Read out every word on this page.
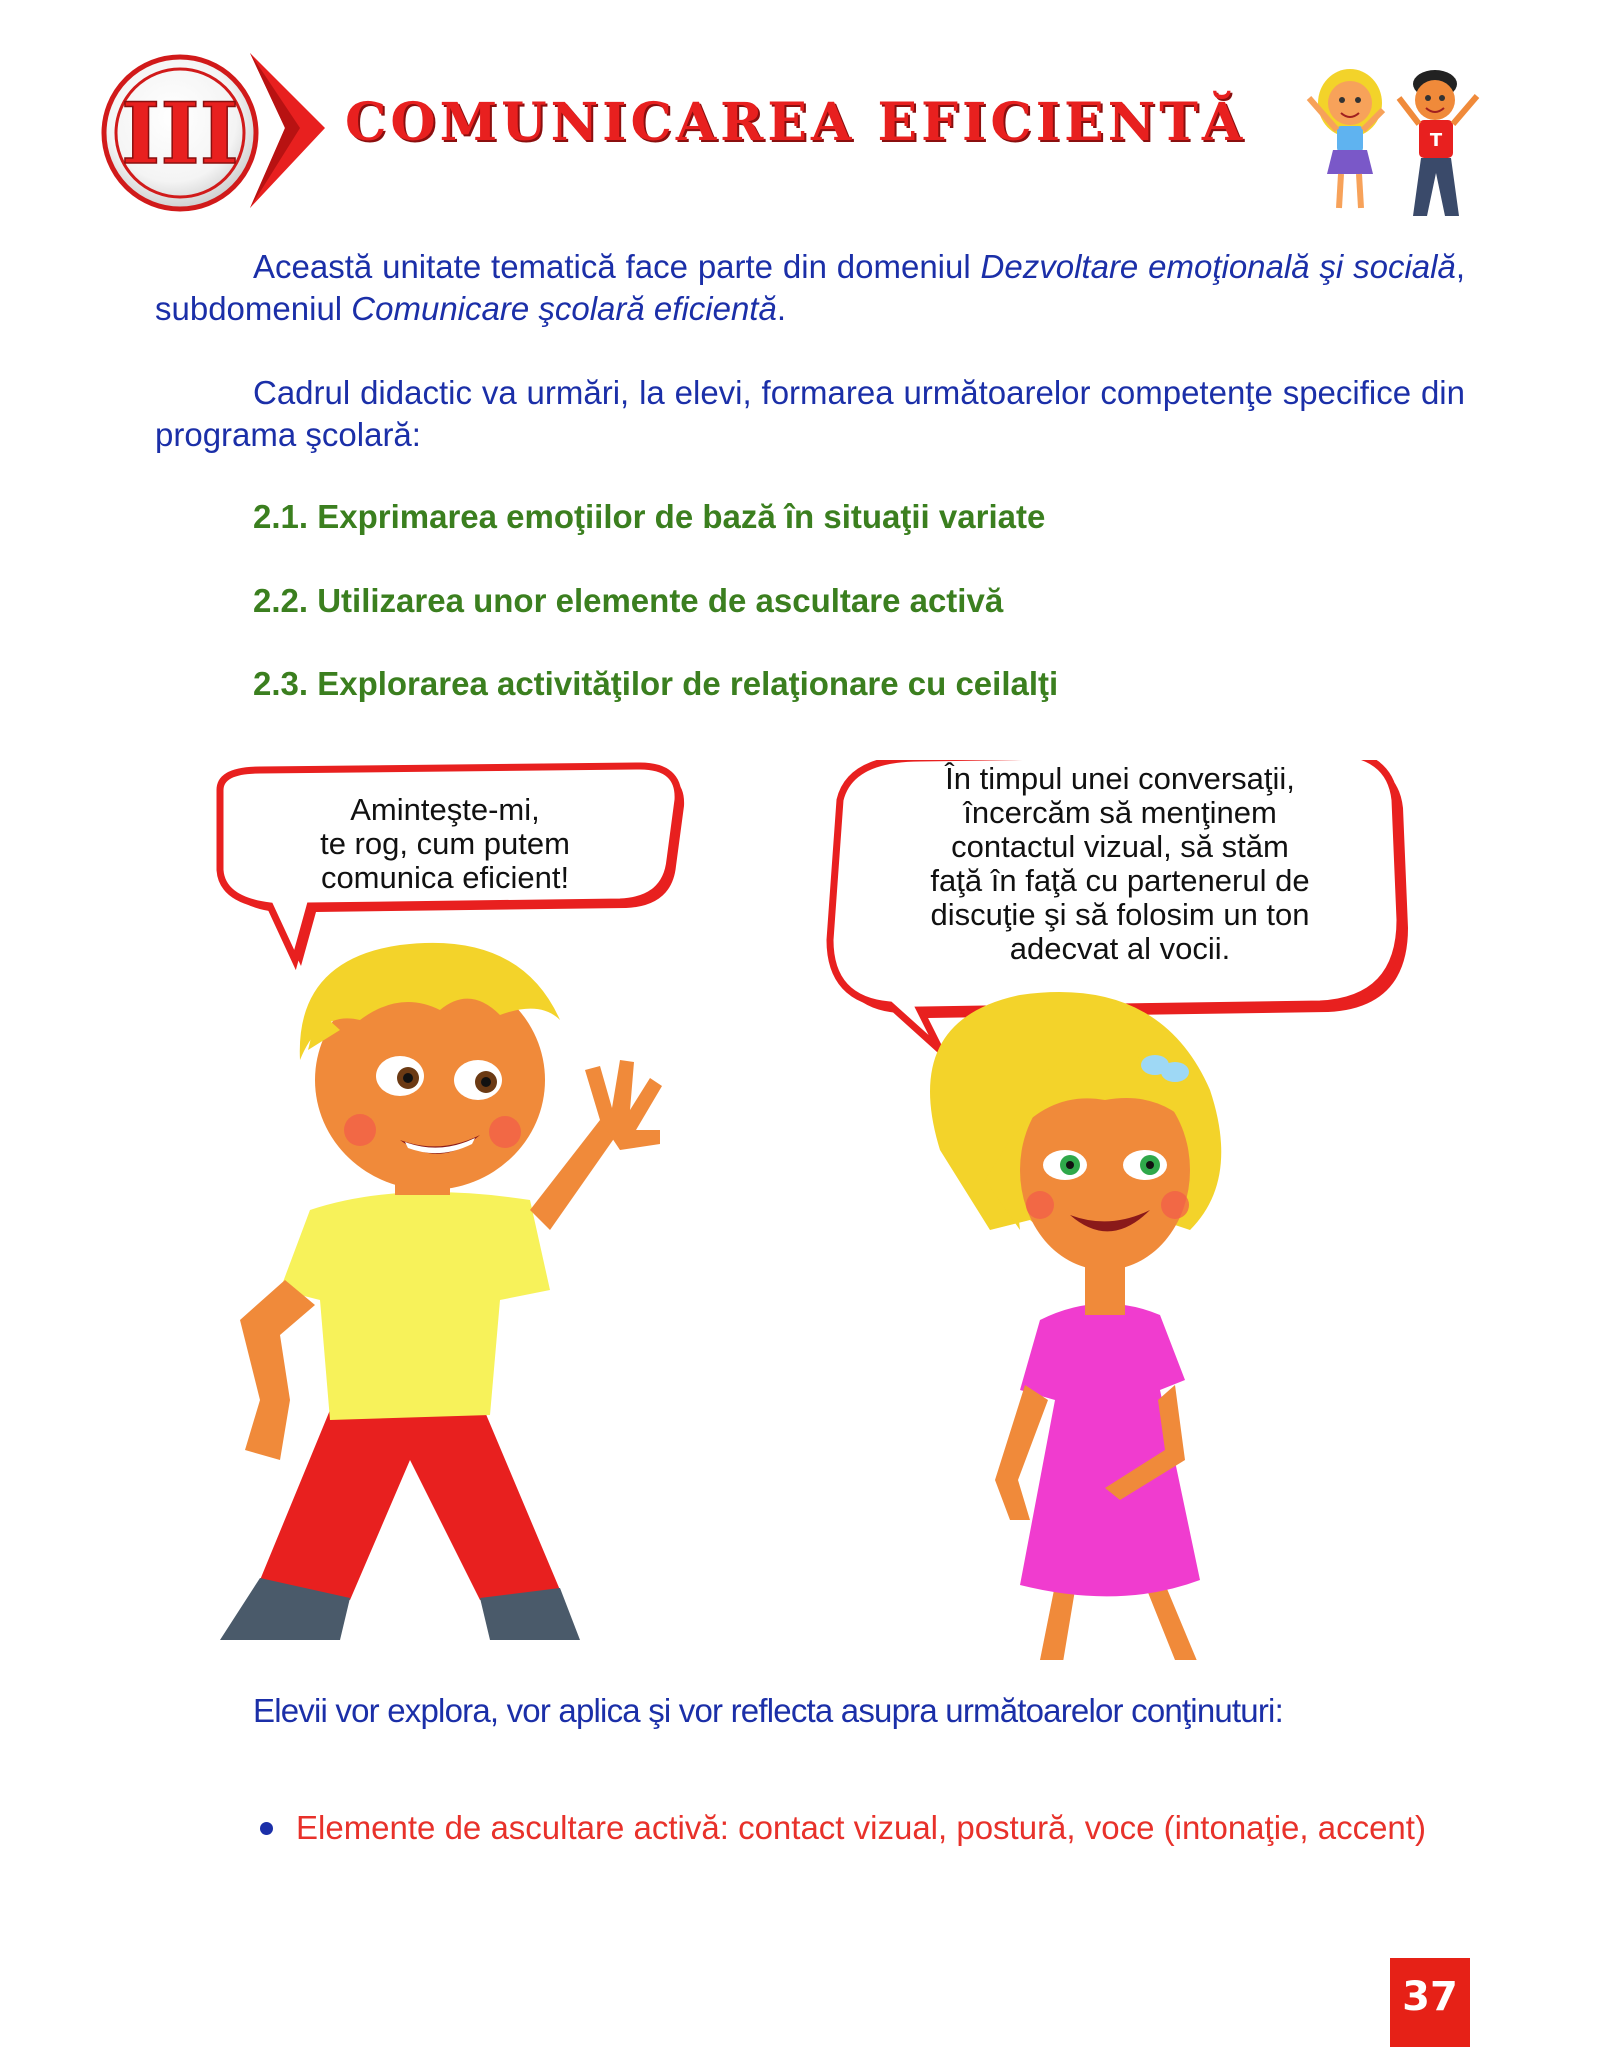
III COMUNICAREA EFICIENTĂ	T

Această unitate tematică face parte din domeniul Dezvoltare emoţională şi socială, subdomeniul Comunicare şcolară eficientă.

Cadrul didactic va urmări, la elevi, formarea următoarelor competenţe specifice din programa şcolară:

2.1. Exprimarea emoţiilor de bază în situaţii variate

2.2. Utilizarea unor elemente de ascultare activă

2.3. Explorarea activităţilor de relaţionare cu ceilalţi

Aminteşte-mi,
te rog, cum putem
comunica eficient!

În timpul unei conversaţii,
încercăm să menţinem
contactul vizual, să stăm
faţă în faţă cu partenerul de
discuţie şi să folosim un ton
adecvat al vocii.

Elevii vor explora, vor aplica şi vor reflecta asupra următoarelor conţinuturi:

Elemente de ascultare activă: contact vizual, postură, voce (intonaţie, accent)

37
